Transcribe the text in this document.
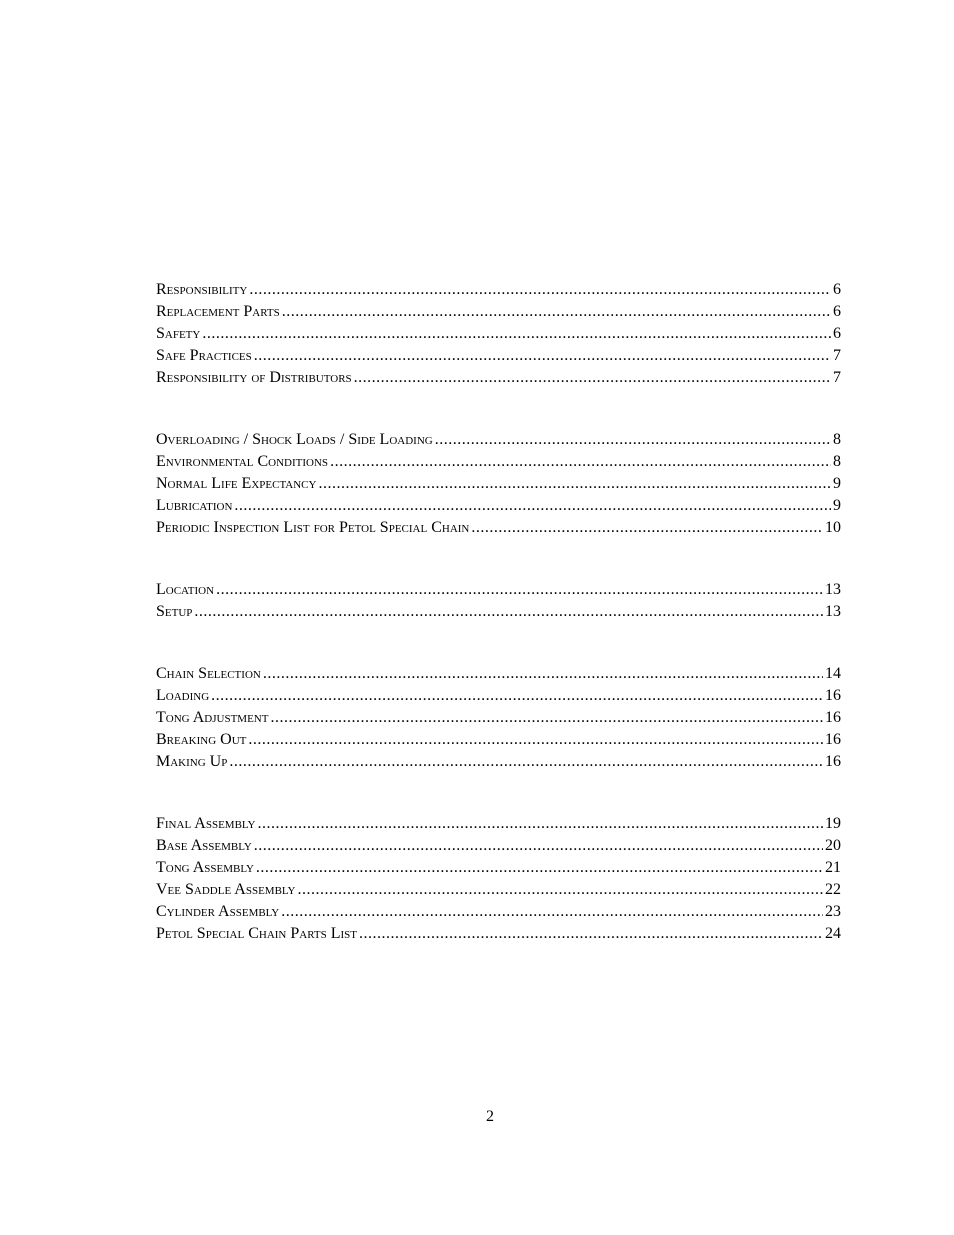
Responsibility .....	6
Replacement Parts .....	6
Safety .....	6
Safe Practices .....	7
Responsibility of Distributors .....	7
Overloading / Shock Loads / Side Loading .....	8
Environmental Conditions .....	8
Normal Life Expectancy .....	9
Lubrication .....	9
Periodic Inspection List for Petol Special Chain .....	10
Location .....	13
Setup .....	13
Chain Selection .....	14
Loading .....	16
Tong Adjustment .....	16
Breaking Out .....	16
Making Up .....	16
Final Assembly .....	19
Base Assembly .....	20
Tong Assembly .....	21
Vee Saddle Assembly .....	22
Cylinder Assembly .....	23
Petol Special Chain Parts List .....	24
2
